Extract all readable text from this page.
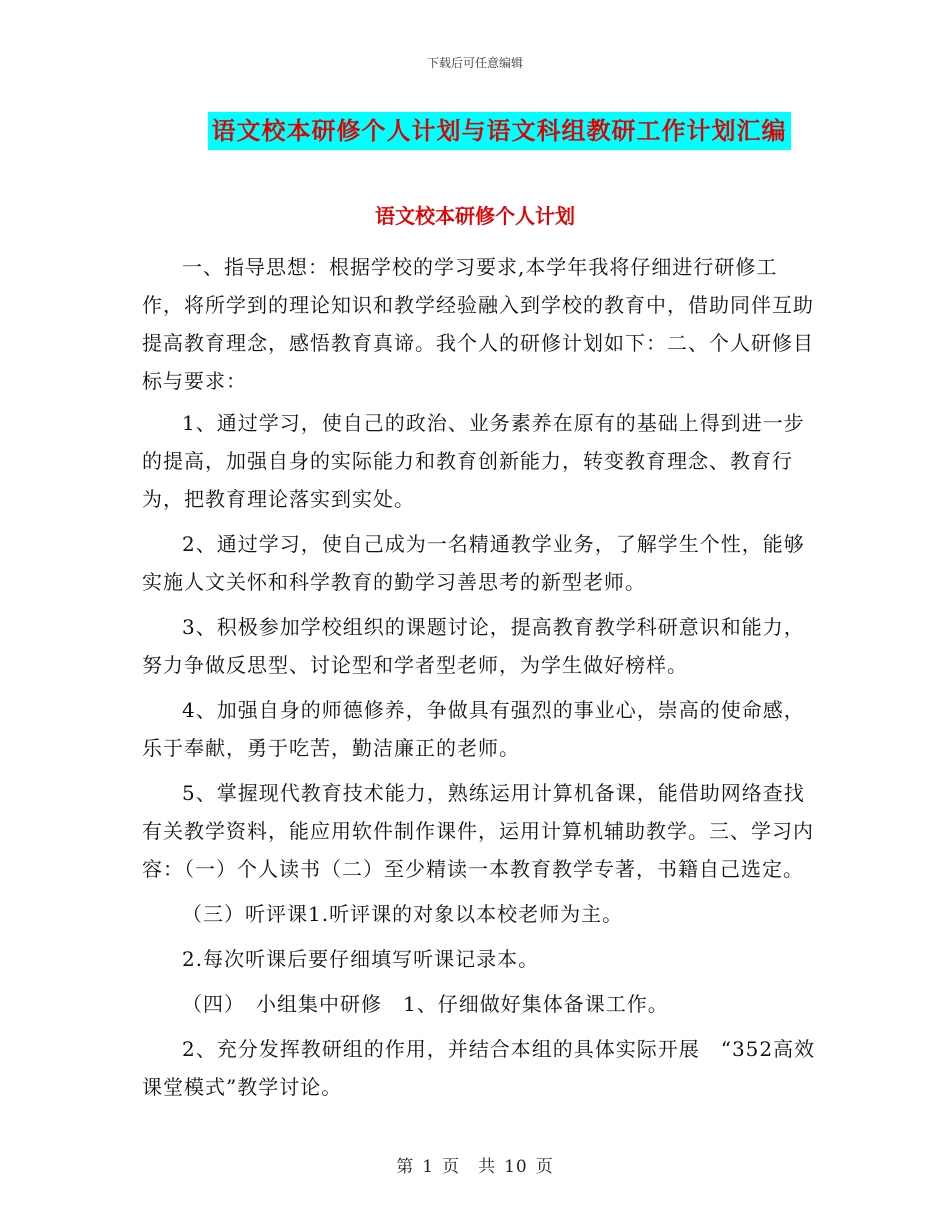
下载后可任意编辑
语文校本研修个人计划与语文科组教研工作计划汇编
语文校本研修个人计划

一、指导思想：根据学校的学习要求,本学年我将仔细进行研修工作，将所学到的理论知识和教学经验融入到学校的教育中，借助同伴互助提高教育理念，感悟教育真谛。我个人的研修计划如下：二、个人研修目标与要求：

1、通过学习，使自己的政治、业务素养在原有的基础上得到进一步的提高，加强自身的实际能力和教育创新能力，转变教育理念、教育行为，把教育理论落实到实处。

2、通过学习，使自己成为一名精通教学业务，了解学生个性，能够实施人文关怀和科学教育的勤学习善思考的新型老师。

3、积极参加学校组织的课题讨论，提高教育教学科研意识和能力，努力争做反思型、讨论型和学者型老师，为学生做好榜样。

4、加强自身的师德修养，争做具有强烈的事业心，崇高的使命感，乐于奉献，勇于吃苦，勤洁廉正的老师。

5、掌握现代教育技术能力，熟练运用计算机备课，能借助网络查找有关教学资料，能应用软件制作课件，运用计算机辅助教学。三、学习内容：（一）个人读书（二）至少精读一本教育教学专著，书籍自己选定。

（三）听评课1.听评课的对象以本校老师为主。

2.每次听课后要仔细填写听课记录本。

（四）　小组集中研修　1、仔细做好集体备课工作。

2、充分发挥教研组的作用，并结合本组的具体实际开展　“352高效课堂模式”教学讨论。

第 1 页　共 10 页
